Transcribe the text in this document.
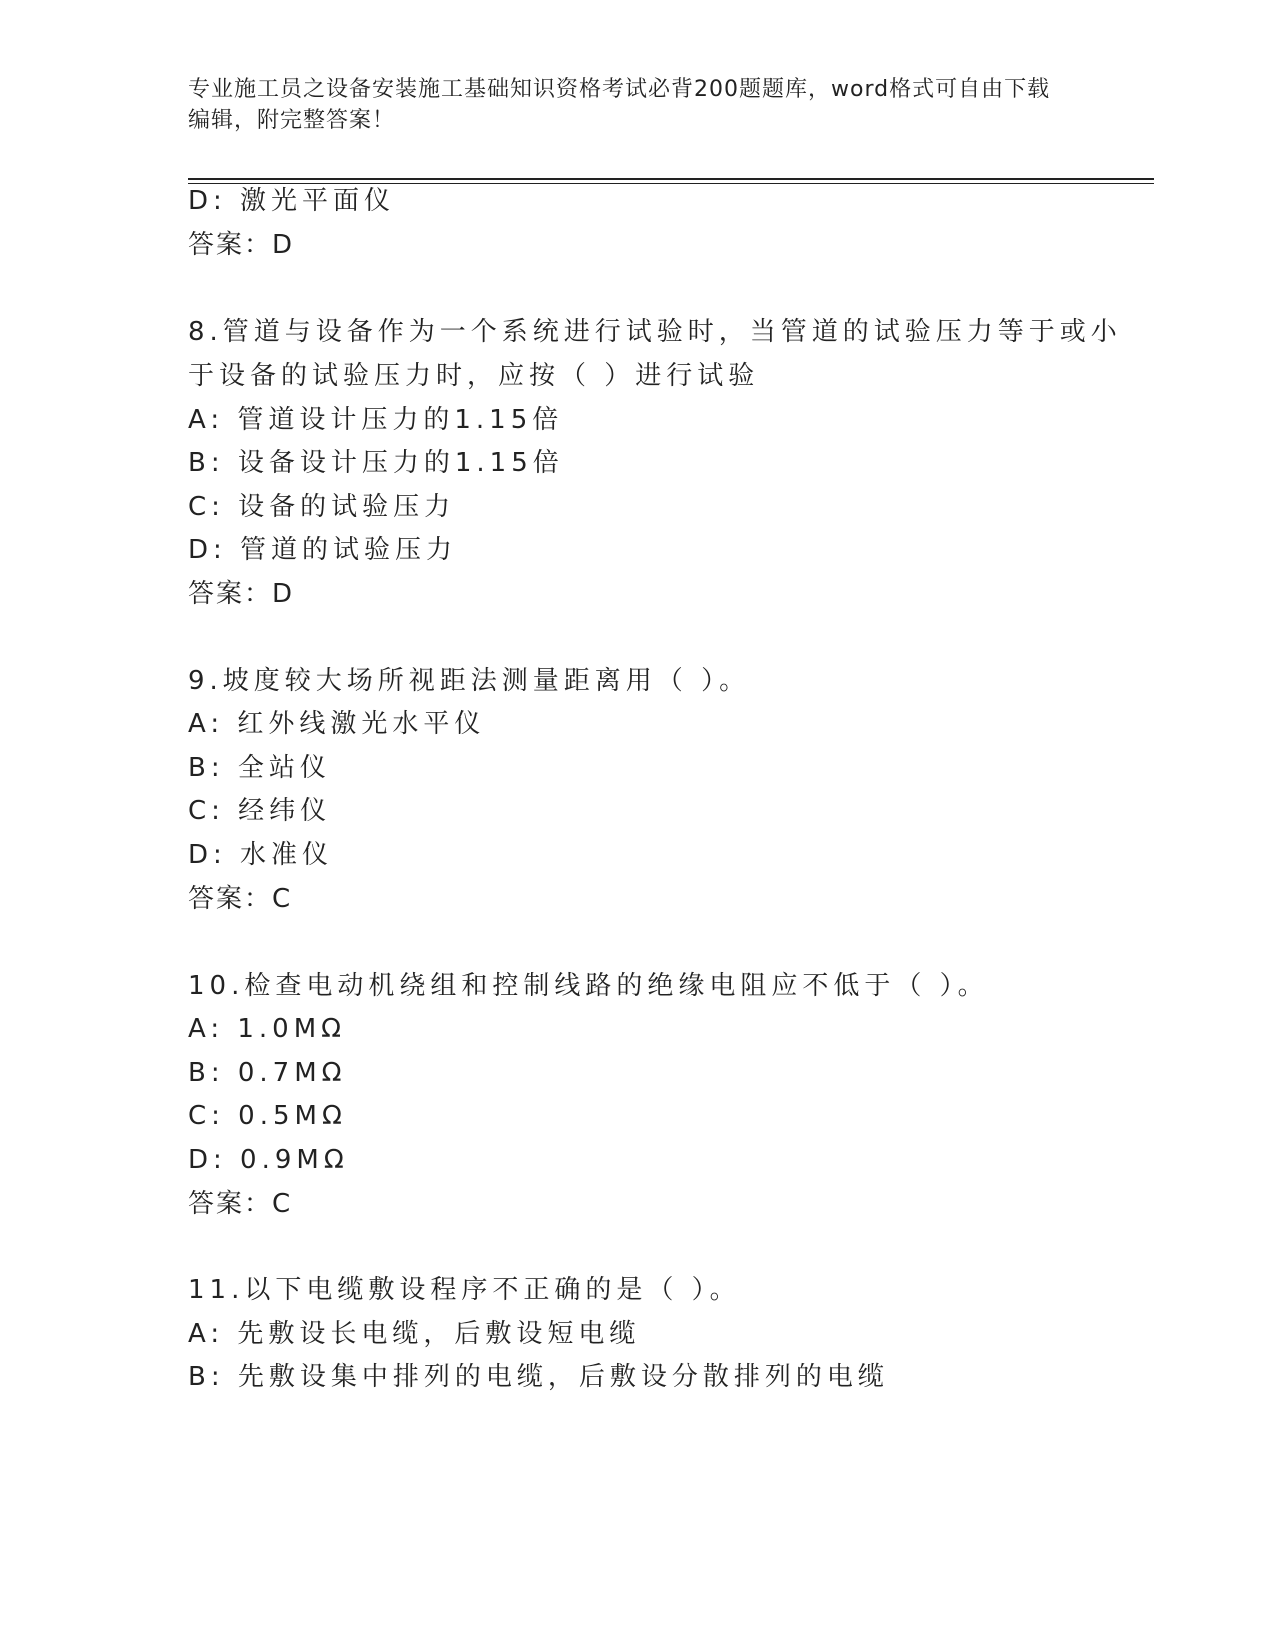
专业施工员之设备安装施工基础知识资格考试必背200题题库，word格式可自由下载编辑，附完整答案！
D: 激光平面仪
答案：D
8.管道与设备作为一个系统进行试验时，当管道的试验压力等于或小
于设备的试验压力时，应按（ ）进行试验
A: 管道设计压力的1.15倍
B: 设备设计压力的1.15倍
C: 设备的试验压力
D: 管道的试验压力
答案：D
9.坡度较大场所视距法测量距离用（ ）。
A: 红外线激光水平仪
B: 全站仪
C: 经纬仪
D: 水准仪
答案：C
10.检查电动机绕组和控制线路的绝缘电阻应不低于（ ）。
A: 1.0MΩ
B: 0.7MΩ
C: 0.5MΩ
D: 0.9MΩ
答案：C
11.以下电缆敷设程序不正确的是（ ）。
A: 先敷设长电缆，后敷设短电缆
B: 先敷设集中排列的电缆，后敷设分散排列的电缆
